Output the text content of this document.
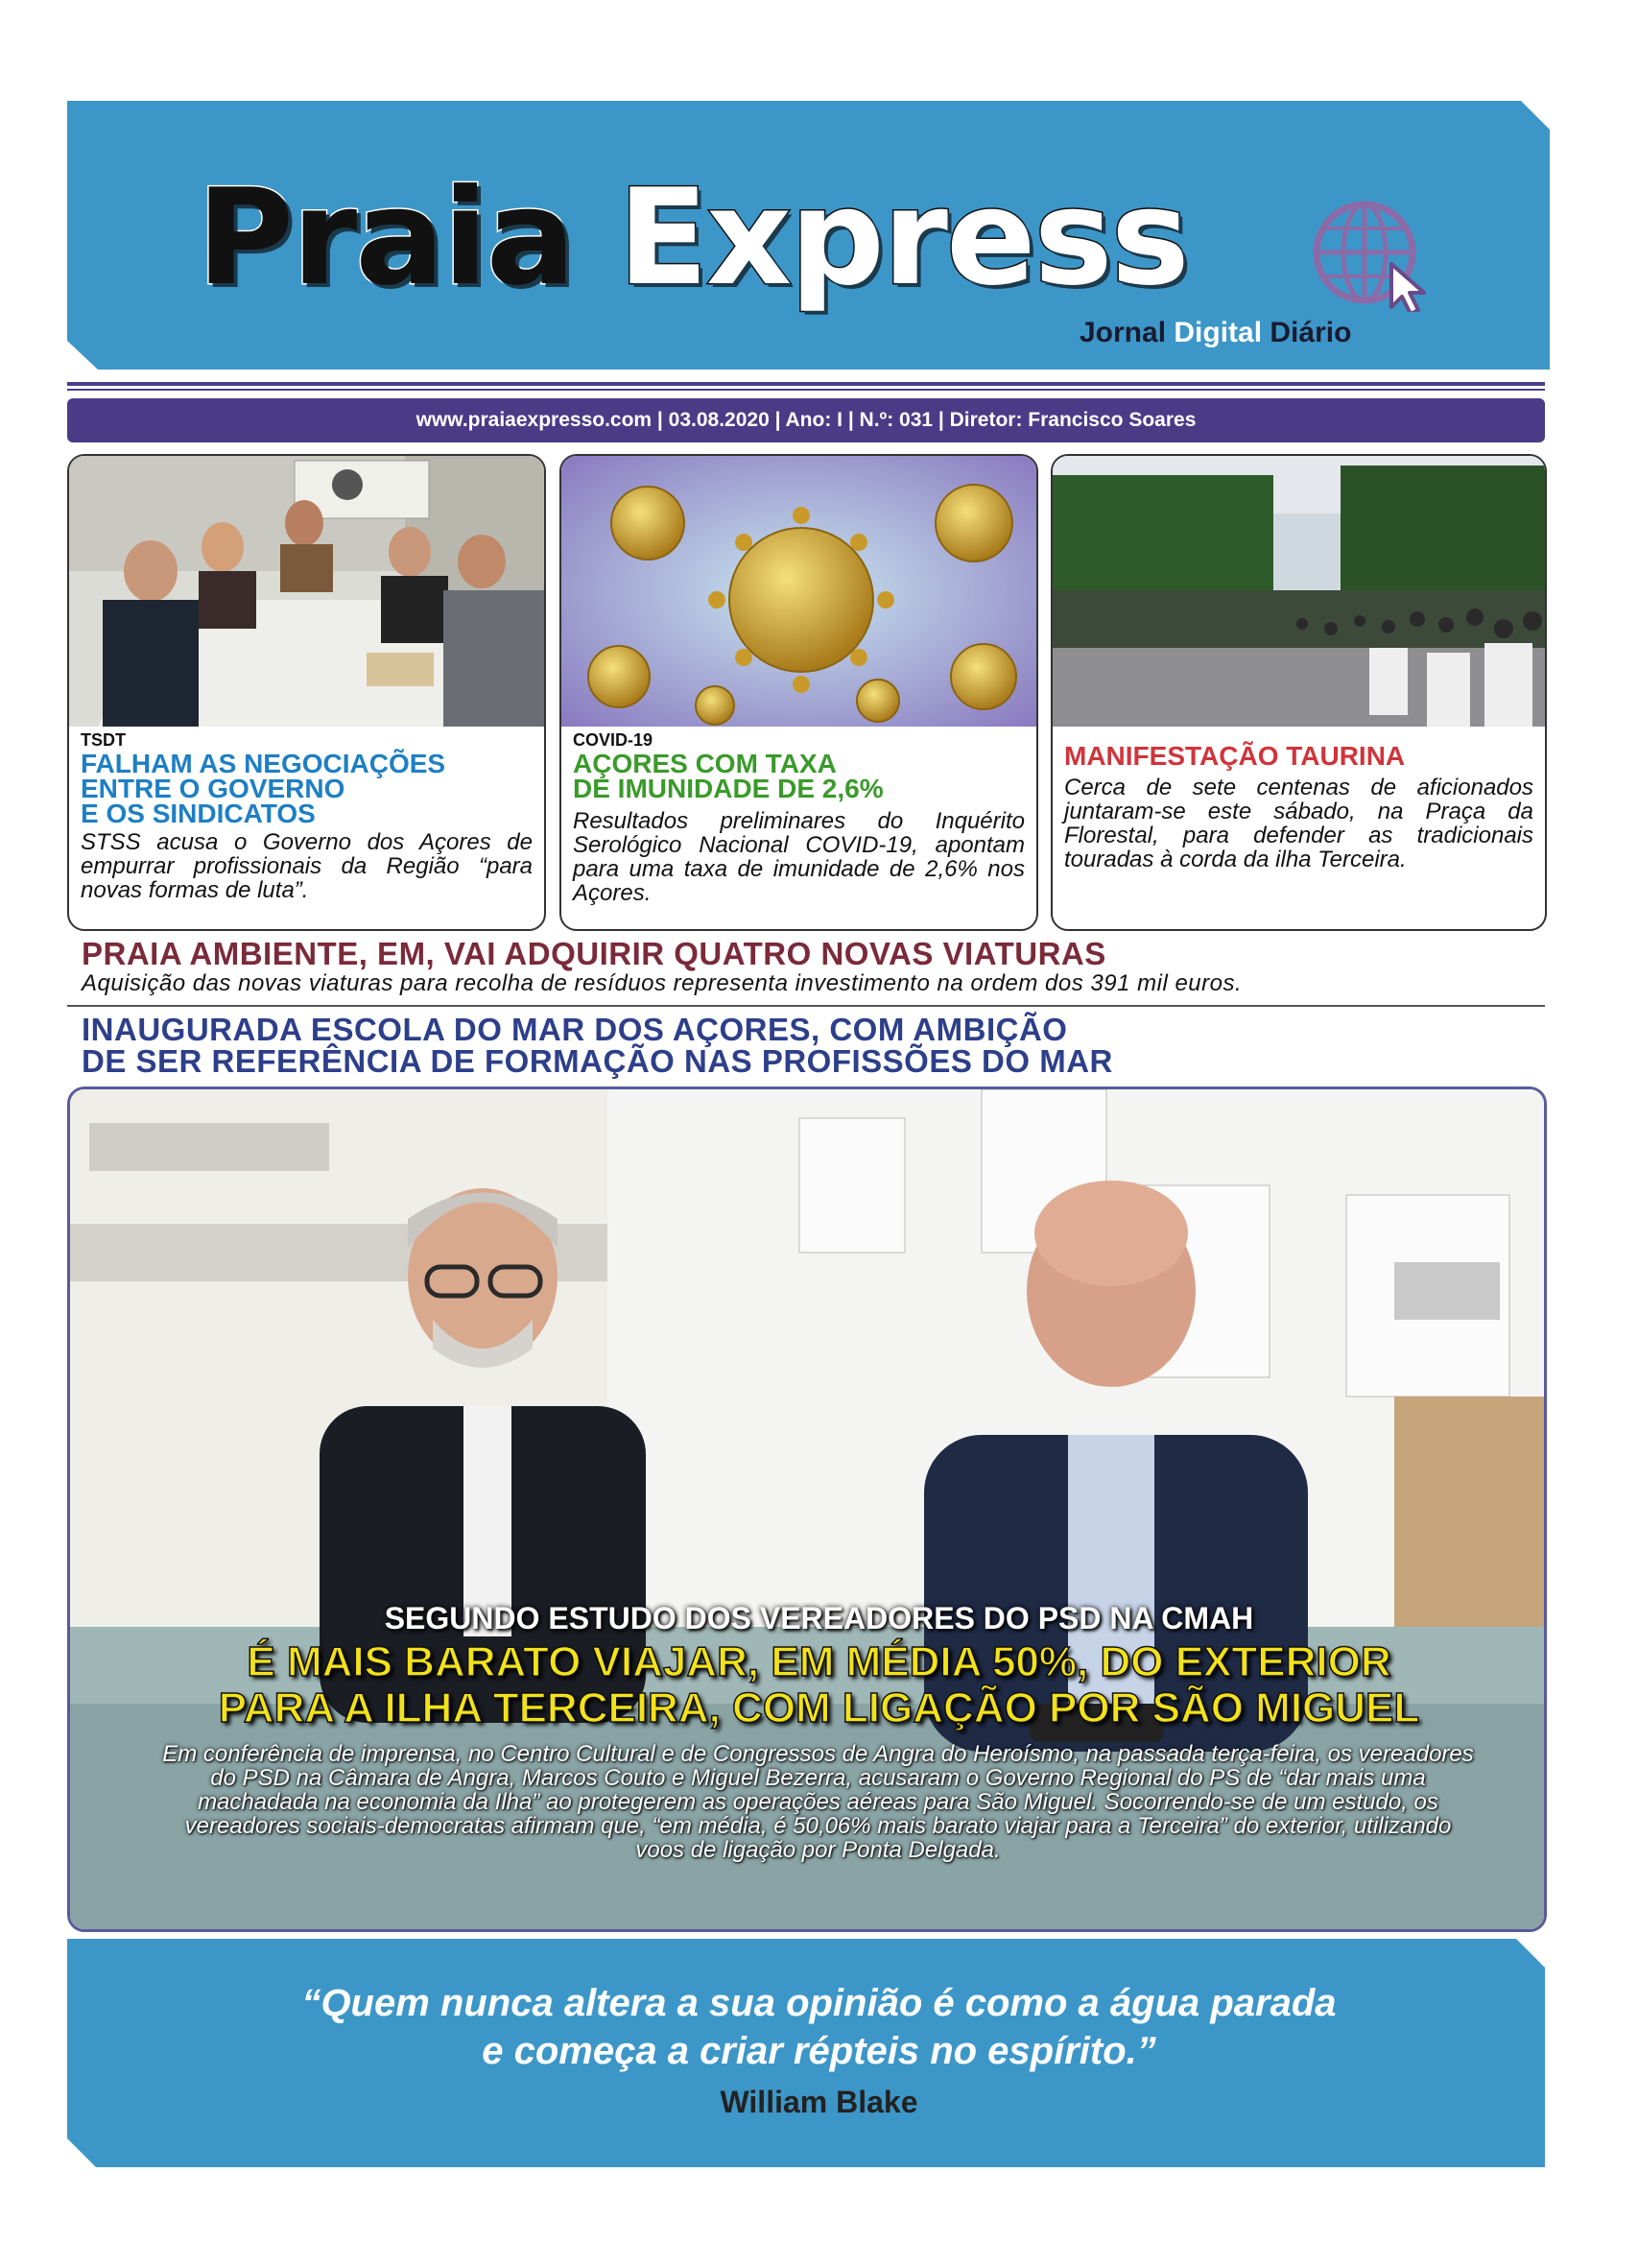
Praia Express
Jornal Digital Diário
www.praiaexpresso.com | 03.08.2020 | Ano: I | N.º: 031 | Diretor: Francisco Soares
TSDT
FALHAM AS NEGOCIAÇÕES
ENTRE O GOVERNO
E OS SINDICATOS
STSS acusa o Governo dos Açores de empurrar profissionais da Região “para novas formas de luta”.
COVID-19
AÇORES COM TAXA
DE IMUNIDADE DE 2,6%
Resultados preliminares do Inquérito Serológico Nacional COVID-19, apontam para uma taxa de imunidade de 2,6% nos Açores.
MANIFESTAÇÃO TAURINA
Cerca de sete centenas de aficionados juntaram-se este sábado, na Praça da Florestal, para defender as tradicionais touradas à corda da ilha Terceira.
PRAIA AMBIENTE, EM, VAI ADQUIRIR QUATRO NOVAS VIATURAS
Aquisição das novas viaturas para recolha de resíduos representa investimento na ordem dos 391 mil euros.
INAUGURADA ESCOLA DO MAR DOS AÇORES, COM AMBIÇÃO
DE SER REFERÊNCIA DE FORMAÇÃO NAS PROFISSÕES DO MAR
SEGUNDO ESTUDO DOS VEREADORES DO PSD NA CMAH
É MAIS BARATO VIAJAR, EM MÉDIA 50%, DO EXTERIOR
PARA A ILHA TERCEIRA, COM LIGAÇÃO POR SÃO MIGUEL
Em conferência de imprensa, no Centro Cultural e de Congressos de Angra do Heroísmo, na passada terça-feira, os vereadores do PSD na Câmara de Angra, Marcos Couto e Miguel Bezerra, acusaram o Governo Regional do PS de “dar mais uma machadada na economia da Ilha” ao protegerem as operações aéreas para São Miguel. Socorrendo-se de um estudo, os vereadores sociais-democratas afirmam que, “em média, é 50,06% mais barato viajar para a Terceira” do exterior, utilizando voos de ligação por Ponta Delgada.
“Quem nunca altera a sua opinião é como a água parada
e começa a criar répteis no espírito.”
William Blake
